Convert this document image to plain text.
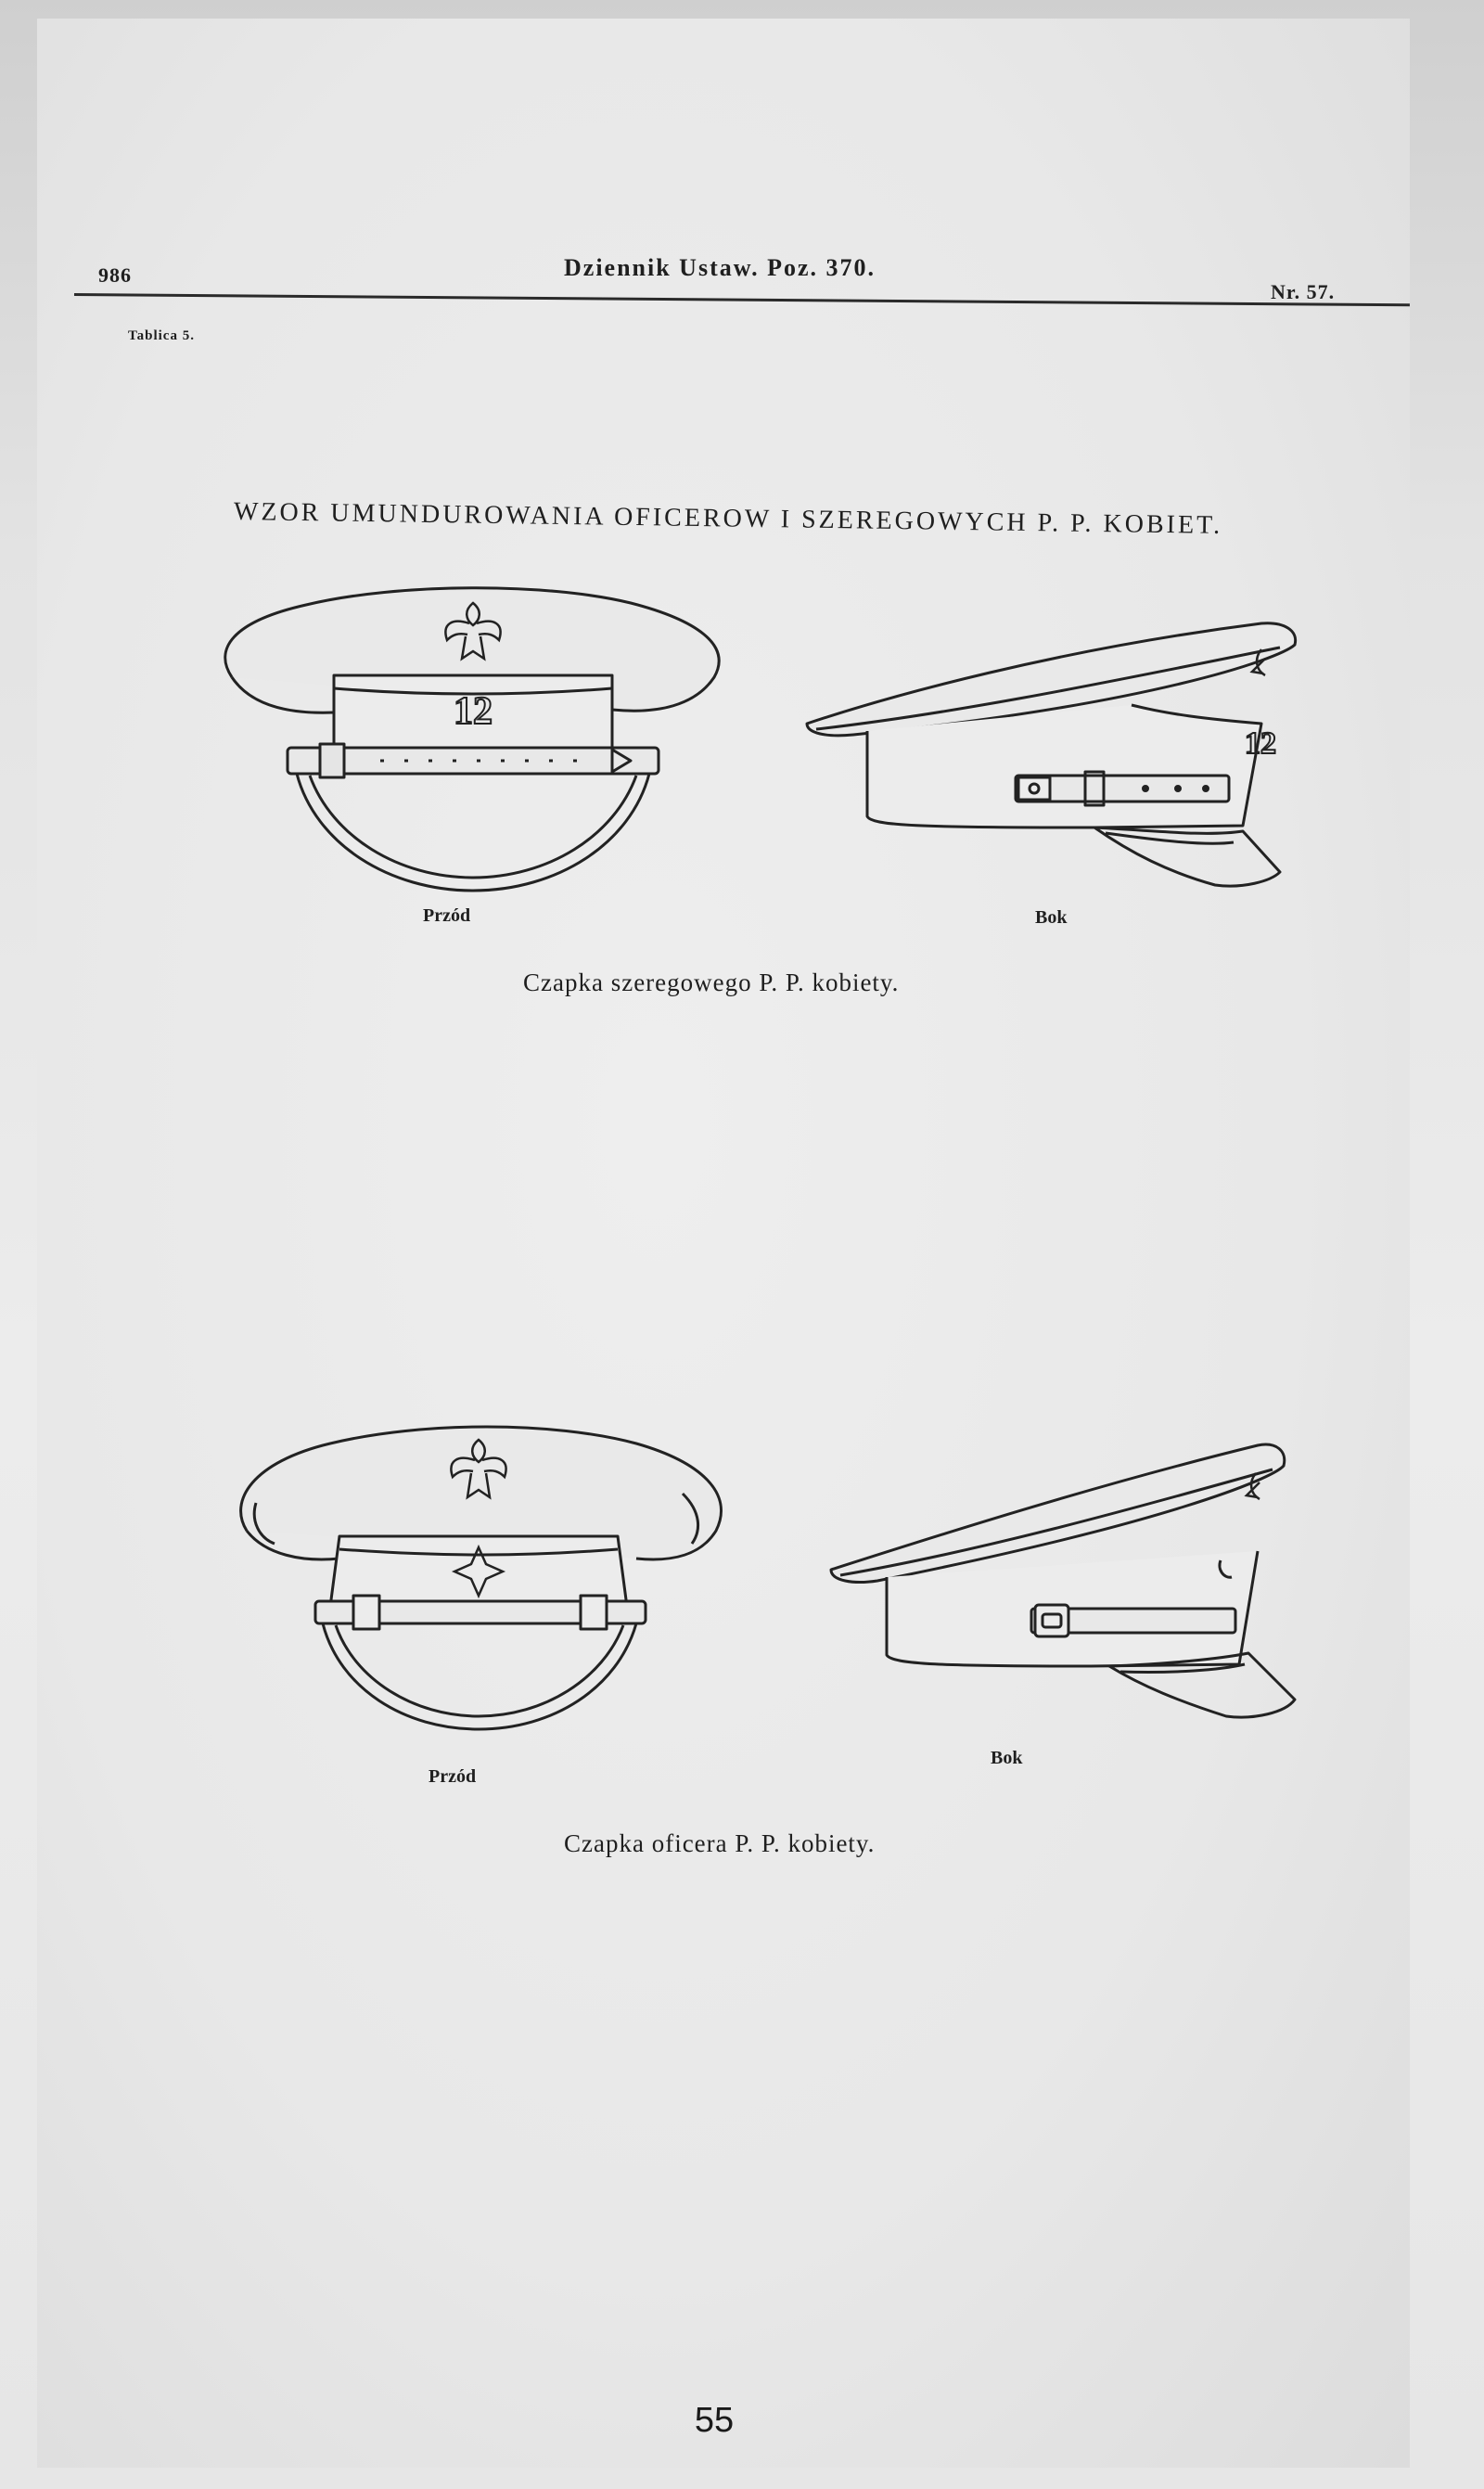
986	Dziennik Ustaw. Poz. 370.
Nr. 57.
Tablica 5.
WZOR UMUNDUROWANIA OFICEROW I SZEREGOWYCH P. P. KOBIET.
12
12
Przód	Bok
Czapka szeregowego P. P. kobiety.
Przód
Bok
Czapka oficera P. P. kobiety.
55
